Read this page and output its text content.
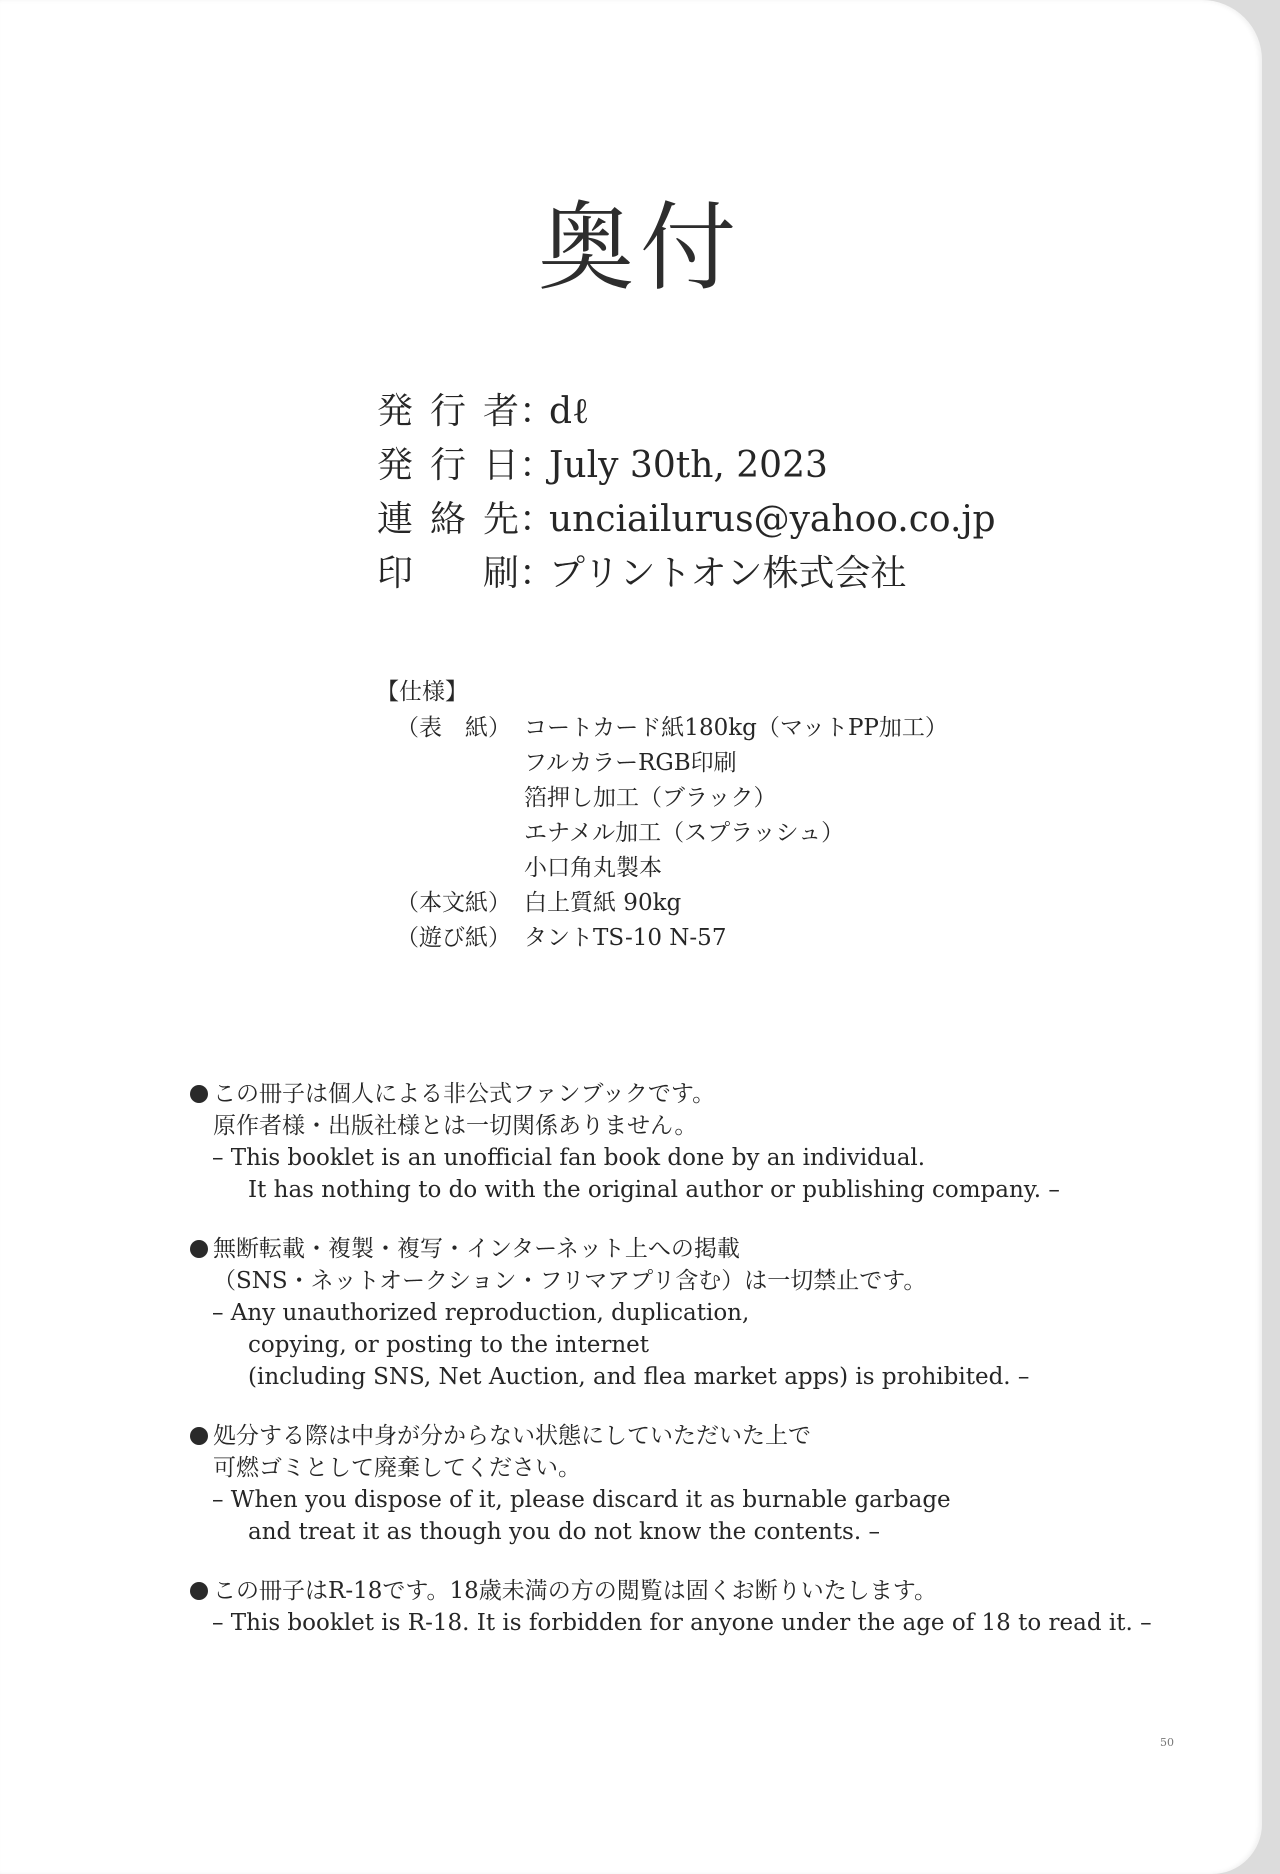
奥付
発行者：dℓ
発行日：July 30th, 2023
連絡先：unciailurus@yahoo.co.jp
印刷：プリントオン株式会社
【仕様】
（表　紙） コートカード紙180kg（マットPP加工）
フルカラーRGB印刷
箔押し加工（ブラック）
エナメル加工（スプラッシュ）
小口角丸製本
（本文紙） 白上質紙 90kg
（遊び紙） タントTS-10 N-57
この冊子は個人による非公式ファンブックです。
原作者様・出版社様とは一切関係ありません。
– This booklet is an unofficial fan book done by an individual.
It has nothing to do with the original author or publishing company. –
無断転載・複製・複写・インターネット上への掲載
（SNS・ネットオークション・フリマアプリ含む）は一切禁止です。
– Any unauthorized reproduction, duplication,
copying, or posting to the internet
(including SNS, Net Auction, and flea market apps) is prohibited. –
処分する際は中身が分からない状態にしていただいた上で
可燃ゴミとして廃棄してください。
– When you dispose of it, please discard it as burnable garbage
and treat it as though you do not know the contents. –
この冊子はR-18です。18歳未満の方の閲覧は固くお断りいたします。
– This booklet is R-18. It is forbidden for anyone under the age of 18 to read it. –
50
